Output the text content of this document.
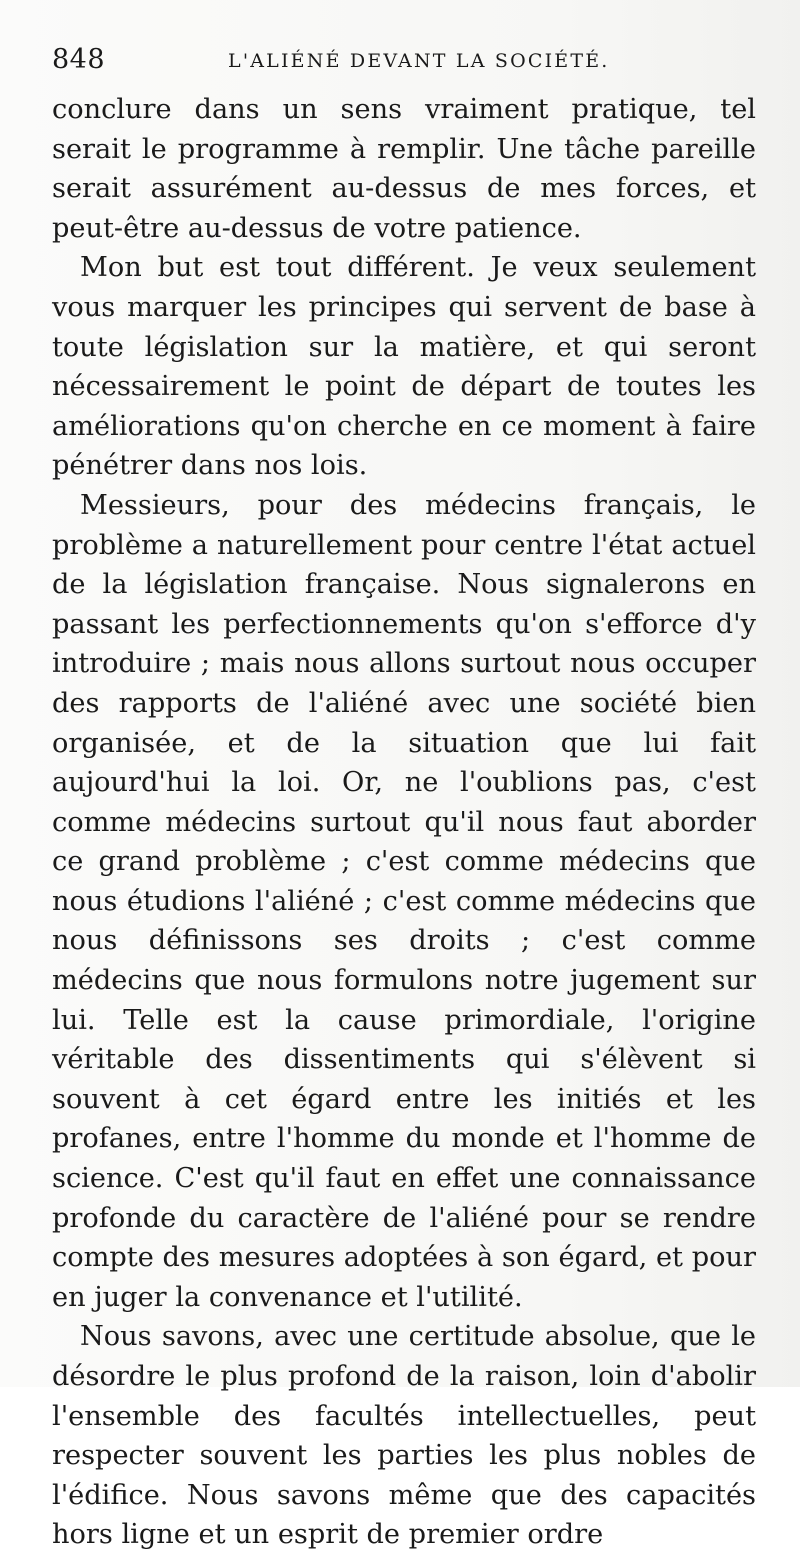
848	L'ALIÉNÉ DEVANT LA SOCIÉTÉ.

conclure dans un sens vraiment pratique, tel serait le programme à remplir. Une tâche pareille serait assurément au-dessus de mes forces, et peut-être au-dessus de votre patience.

Mon but est tout différent. Je veux seulement vous marquer les principes qui servent de base à toute législation sur la matière, et qui seront nécessairement le point de départ de toutes les améliorations qu'on cherche en ce moment à faire pénétrer dans nos lois.

Messieurs, pour des médecins français, le problème a naturellement pour centre l'état actuel de la législation française. Nous signalerons en passant les perfectionnements qu'on s'efforce d'y introduire ; mais nous allons surtout nous occuper des rapports de l'aliéné avec une société bien organisée, et de la situation que lui fait aujourd'hui la loi. Or, ne l'oublions pas, c'est comme médecins surtout qu'il nous faut aborder ce grand problème ; c'est comme médecins que nous étudions l'aliéné ; c'est comme médecins que nous définissons ses droits ; c'est comme médecins que nous formulons notre jugement sur lui. Telle est la cause primordiale, l'origine véritable des dissentiments qui s'élèvent si souvent à cet égard entre les initiés et les profanes, entre l'homme du monde et l'homme de science. C'est qu'il faut en effet une connaissance profonde du caractère de l'aliéné pour se rendre compte des mesures adoptées à son égard, et pour en juger la convenance et l'utilité.

Nous savons, avec une certitude absolue, que le désordre le plus profond de la raison, loin d'abolir l'ensemble des facultés intellectuelles, peut respecter souvent les parties les plus nobles de l'édifice. Nous savons même que des capacités hors ligne et un esprit de premier ordre
